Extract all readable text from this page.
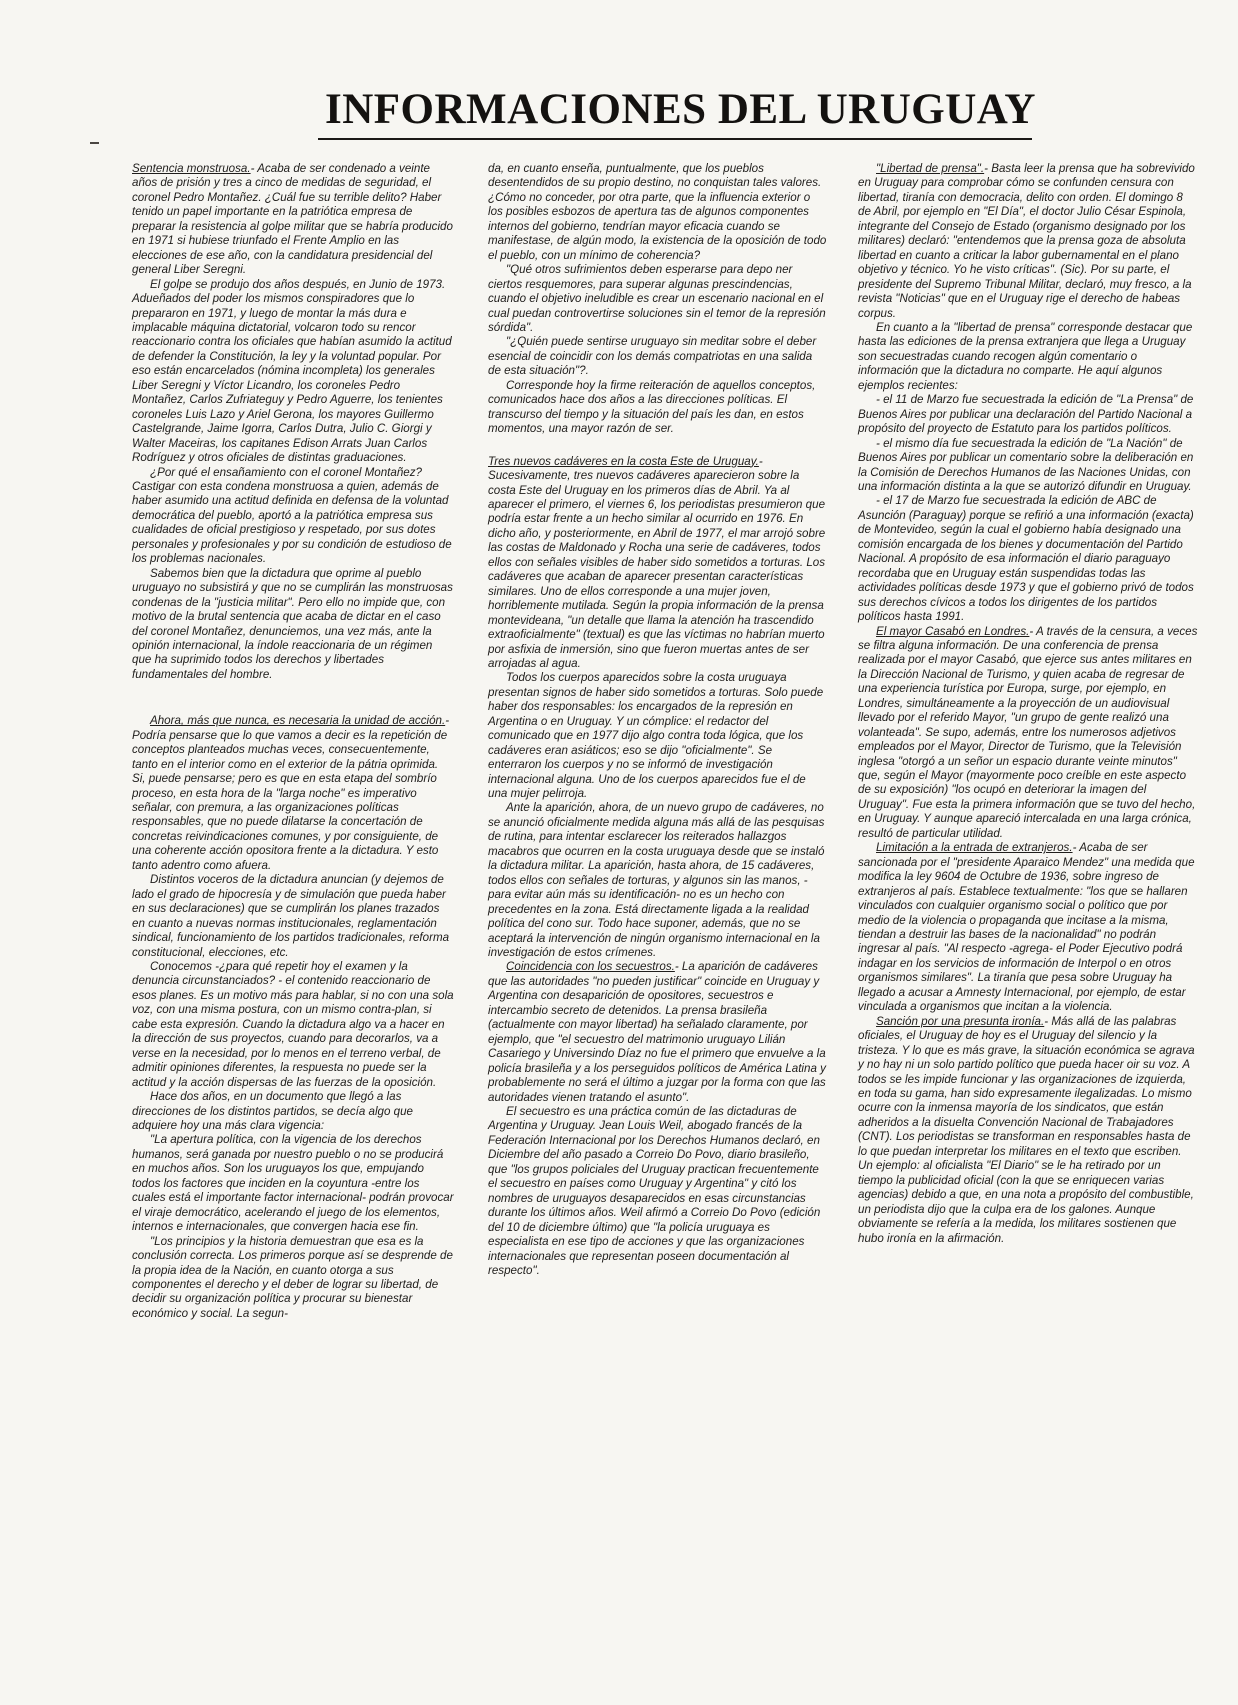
INFORMACIONES DEL URUGUAY

Sentencia monstruosa.- Acaba de ser condenado a veinte años de prisión y tres a cinco de medidas de seguridad, el coronel Pedro Montañez. ¿Cuál fue su terrible delito? Haber tenido un papel importante en la patriótica empresa de preparar la resistencia al golpe militar que se habría producido en 1971 si hubiese triunfado el Frente Amplio en las elecciones de ese año, con la candidatura presidencial del general Liber Seregni.

El golpe se produjo dos años después, en Junio de 1973. Adueñados del poder los mismos conspiradores que lo prepararon en 1971, y luego de montar la más dura e implacable máquina dictatorial, volcaron todo su rencor reaccionario contra los oficiales que habían asumido la actitud de defender la Constitución, la ley y la voluntad popular. Por eso están encarcelados (nómina incompleta) los generales Liber Seregni y Víctor Licandro, los coroneles Pedro Montañez, Carlos Zufriateguy y Pedro Aguerre, los tenientes coroneles Luis Lazo y Ariel Gerona, los mayores Guillermo Castelgrande, Jaime Igorra, Carlos Dutra, Julio C. Giorgi y Walter Maceiras, los capitanes Edison Arrats Juan Carlos Rodríguez y otros oficiales de distintas graduaciones.

¿Por qué el ensañamiento con el coronel Montañez? Castigar con esta condena monstruosa a quien, además de haber asumido una actitud definida en defensa de la voluntad democrática del pueblo, aportó a la patriótica empresa sus cualidades de oficial prestigioso y respetado, por sus dotes personales y profesionales y por su condición de estudioso de los problemas nacionales.

Sabemos bien que la dictadura que oprime al pueblo uruguayo no subsistirá y que no se cumplirán las monstruosas condenas de la "justicia militar". Pero ello no impide que, con motivo de la brutal sentencia que acaba de dictar en el caso del coronel Montañez, denunciemos, una vez más, ante la opinión internacional, la índole reaccionaria de un régimen que ha suprimido todos los derechos y libertades fundamentales del hombre.

Ahora, más que nunca, es necesaria la unidad de acción.- Podría pensarse que lo que vamos a decir es la repetición de conceptos planteados muchas veces, consecuentemente, tanto en el interior como en el exterior de la pátria oprimida. Si, puede pensarse; pero es que en esta etapa del sombrío proceso, en esta hora de la "larga noche" es imperativo señalar, con premura, a las organizaciones políticas responsables, que no puede dilatarse la concertación de concretas reivindicaciones comunes, y por consiguiente, de una coherente acción opositora frente a la dictadura. Y esto tanto adentro como afuera.

Distintos voceros de la dictadura anuncian (y dejemos de lado el grado de hipocresía y de simulación que pueda haber en sus declaraciones) que se cumplirán los planes trazados en cuanto a nuevas normas institucionales, reglamentación sindical, funcionamiento de los partidos tradicionales, reforma constitucional, elecciones, etc.

Conocemos -¿para qué repetir hoy el examen y la denuncia circunstanciados? - el contenido reaccionario de esos planes. Es un motivo más para hablar, si no con una sola voz, con una misma postura, con un mismo contra-plan, si cabe esta expresión. Cuando la dictadura algo va a hacer en la dirección de sus proyectos, cuando para decorarlos, va a verse en la necesidad, por lo menos en el terreno verbal, de admitir opiniones diferentes, la respuesta no puede ser la actitud y la acción dispersas de las fuerzas de la oposición.

Hace dos años, en un documento que llegó a las direcciones de los distintos partidos, se decía algo que adquiere hoy una más clara vigencia:

"La apertura política, con la vigencia de los derechos humanos, será ganada por nuestro pueblo o no se producirá en muchos años. Son los uruguayos los que, empujando todos los factores que inciden en la coyuntura -entre los cuales está el importante factor internacional- podrán provocar el viraje democrático, acelerando el juego de los elementos, internos e internacionales, que convergen hacia ese fin.

"Los principios y la historia demuestran que esa es la conclusión correcta. Los primeros porque así se desprende de la propia idea de la Nación, en cuanto otorga a sus componentes el derecho y el deber de lograr su libertad, de decidir su organización política y procurar su bienestar económico y social. La segun-

da, en cuanto enseña, puntualmente, que los pueblos desentendidos de su propio destino, no conquistan tales valores. ¿Cómo no conceder, por otra parte, que la influencia exterior o los posibles esbozos de apertura tas de algunos componentes internos del gobierno, tendrían mayor eficacia cuando se manifestase, de algún modo, la existencia de la oposición de todo el pueblo, con un mínimo de coherencia?

"Qué otros sufrimientos deben esperarse para depo ner ciertos resquemores, para superar algunas prescindencias, cuando el objetivo ineludible es crear un escenario nacional en el cual puedan controvertirse soluciones sin el temor de la represión sórdida".

"¿Quién puede sentirse uruguayo sin meditar sobre el deber esencial de coincidir con los demás compatriotas en una salida de esta situación"?.

Corresponde hoy la firme reiteración de aquellos conceptos, comunicados hace dos años a las direcciones políticas. El transcurso del tiempo y la situación del país les dan, en estos momentos, una mayor razón de ser.

Tres nuevos cadáveres en la costa Este de Uruguay.- Sucesivamente, tres nuevos cadáveres aparecieron sobre la costa Este del Uruguay en los primeros días de Abril. Ya al aparecer el primero, el viernes 6, los periodistas presumieron que podría estar frente a un hecho similar al ocurrido en 1976. En dicho año, y posteriormente, en Abril de 1977, el mar arrojó sobre las costas de Maldonado y Rocha una serie de cadáveres, todos ellos con señales visibles de haber sido sometidos a torturas. Los cadáveres que acaban de aparecer presentan características similares. Uno de ellos corresponde a una mujer joven, horriblemente mutilada. Según la propia información de la prensa montevideana, "un detalle que llama la atención ha trascendido extraoficialmente" (textual) es que las víctimas no habrían muerto por asfixia de inmersión, sino que fueron muertas antes de ser arrojadas al agua.

Todos los cuerpos aparecidos sobre la costa uruguaya presentan signos de haber sido sometidos a torturas. Solo puede haber dos responsables: los encargados de la represión en Argentina o en Uruguay. Y un cómplice: el redactor del comunicado que en 1977 dijo algo contra toda lógica, que los cadáveres eran asiáticos; eso se dijo "oficialmente". Se enterraron los cuerpos y no se informó de investigación internacional alguna. Uno de los cuerpos aparecidos fue el de una mujer pelirroja.

Ante la aparición, ahora, de un nuevo grupo de cadáveres, no se anunció oficialmente medida alguna más allá de las pesquisas de rutina, para intentar esclarecer los reiterados hallazgos macabros que ocurren en la costa uruguaya desde que se instaló la dictadura militar. La aparición, hasta ahora, de 15 cadáveres, todos ellos con señales de torturas, y algunos sin las manos, -para evitar aún más su identificación- no es un hecho con precedentes en la zona. Está directamente ligada a la realidad política del cono sur. Todo hace suponer, además, que no se aceptará la intervención de ningún organismo internacional en la investigación de estos crímenes.

Coincidencia con los secuestros.- La aparición de cadáveres que las autoridades "no pueden justificar" coincide en Uruguay y Argentina con desaparición de opositores, secuestros e intercambio secreto de detenidos. La prensa brasileña (actualmente con mayor libertad) ha señalado claramente, por ejemplo, que "el secuestro del matrimonio uruguayo Lilián Casariego y Universindo Díaz no fue el primero que envuelve a la policía brasileña y a los perseguidos políticos de América Latina y probablemente no será el último a juzgar por la forma con que las autoridades vienen tratando el asunto".

El secuestro es una práctica común de las dictaduras de Argentina y Uruguay. Jean Louis Weil, abogado francés de la Federación Internacional por los Derechos Humanos declaró, en Diciembre del año pasado a Correio Do Povo, diario brasileño, que "los grupos policiales del Uruguay practican frecuentemente el secuestro en países como Uruguay y Argentina" y citó los nombres de uruguayos desaparecidos en esas circunstancias durante los últimos años. Weil afirmó a Correio Do Povo (edición del 10 de diciembre último) que "la policía uruguaya es especialista en ese tipo de acciones y que las organizaciones internacionales que representan poseen documentación al respecto".

"Libertad de prensa".- Basta leer la prensa que ha sobrevivido en Uruguay para comprobar cómo se confunden censura con libertad, tiranía con democracia, delito con orden. El domingo 8 de Abril, por ejemplo en "El Día", el doctor Julio César Espinola, integrante del Consejo de Estado (organismo designado por los militares) declaró: "entendemos que la prensa goza de absoluta libertad en cuanto a criticar la labor gubernamental en el plano objetivo y técnico. Yo he visto críticas". (Sic). Por su parte, el presidente del Supremo Tribunal Militar, declaró, muy fresco, a la revista "Noticias" que en el Uruguay rige el derecho de habeas corpus.

En cuanto a la "libertad de prensa" corresponde destacar que hasta las ediciones de la prensa extranjera que llega a Uruguay son secuestradas cuando recogen algún comentario o información que la dictadura no comparte. He aquí algunos ejemplos recientes:

- el 11 de Marzo fue secuestrada la edición de "La Prensa" de Buenos Aires por publicar una declaración del Partido Nacional a propósito del proyecto de Estatuto para los partidos políticos.

- el mismo día fue secuestrada la edición de "La Nación" de Buenos Aires por publicar un comentario sobre la deliberación en la Comisión de Derechos Humanos de las Naciones Unidas, con una información distinta a la que se autorizó difundir en Uruguay.

- el 17 de Marzo fue secuestrada la edición de ABC de Asunción (Paraguay) porque se refirió a una información (exacta) de Montevideo, según la cual el gobierno había designado una comisión encargada de los bienes y documentación del Partido Nacional. A propósito de esa información el diario paraguayo recordaba que en Uruguay están suspendidas todas las actividades políticas desde 1973 y que el gobierno privó de todos sus derechos cívicos a todos los dirigentes de los partidos políticos hasta 1991.

El mayor Casabó en Londres.- A través de la censura, a veces se filtra alguna información. De una conferencia de prensa realizada por el mayor Casabó, que ejerce sus antes militares en la Dirección Nacional de Turismo, y quien acaba de regresar de una experiencia turística por Europa, surge, por ejemplo, en Londres, simultáneamente a la proyección de un audiovisual llevado por el referido Mayor, "un grupo de gente realizó una volanteada". Se supo, además, entre los numerosos adjetivos empleados por el Mayor, Director de Turismo, que la Televisión inglesa "otorgó a un señor un espacio durante veinte minutos" que, según el Mayor (mayormente poco creíble en este aspecto de su exposición) "los ocupó en deteriorar la imagen del Uruguay". Fue esta la primera información que se tuvo del hecho, en Uruguay. Y aunque apareció intercalada en una larga crónica, resultó de particular utilidad.

Limitación a la entrada de extranjeros.- Acaba de ser sancionada por el "presidente Aparaico Mendez" una medida que modifica la ley 9604 de Octubre de 1936, sobre ingreso de extranjeros al país. Establece textualmente: "los que se hallaren vinculados con cualquier organismo social o político que por medio de la violencia o propaganda que incitase a la misma, tiendan a destruir las bases de la nacionalidad" no podrán ingresar al país. "Al respecto -agrega- el Poder Ejecutivo podrá indagar en los servicios de información de Interpol o en otros organismos similares". La tiranía que pesa sobre Uruguay ha llegado a acusar a Amnesty Internacional, por ejemplo, de estar vinculada a organismos que incitan a la violencia.

Sanción por una presunta ironía.- Más allá de las palabras oficiales, el Uruguay de hoy es el Uruguay del silencio y la tristeza. Y lo que es más grave, la situación económica se agrava y no hay ni un solo partido político que pueda hacer oir su voz. A todos se les impide funcionar y las organizaciones de izquierda, en toda su gama, han sido expresamente ilegalizadas. Lo mismo ocurre con la inmensa mayoría de los sindicatos, que están adheridos a la disuelta Convención Nacional de Trabajadores (CNT). Los periodistas se transforman en responsables hasta de lo que puedan interpretar los militares en el texto que escriben. Un ejemplo: al oficialista "El Diario" se le ha retirado por un tiempo la publicidad oficial (con la que se enriquecen varias agencias) debido a que, en una nota a propósito del combustible, un periodista dijo que la culpa era de los galones. Aunque obviamente se refería a la medida, los militares sostienen que hubo ironía en la afirmación.
